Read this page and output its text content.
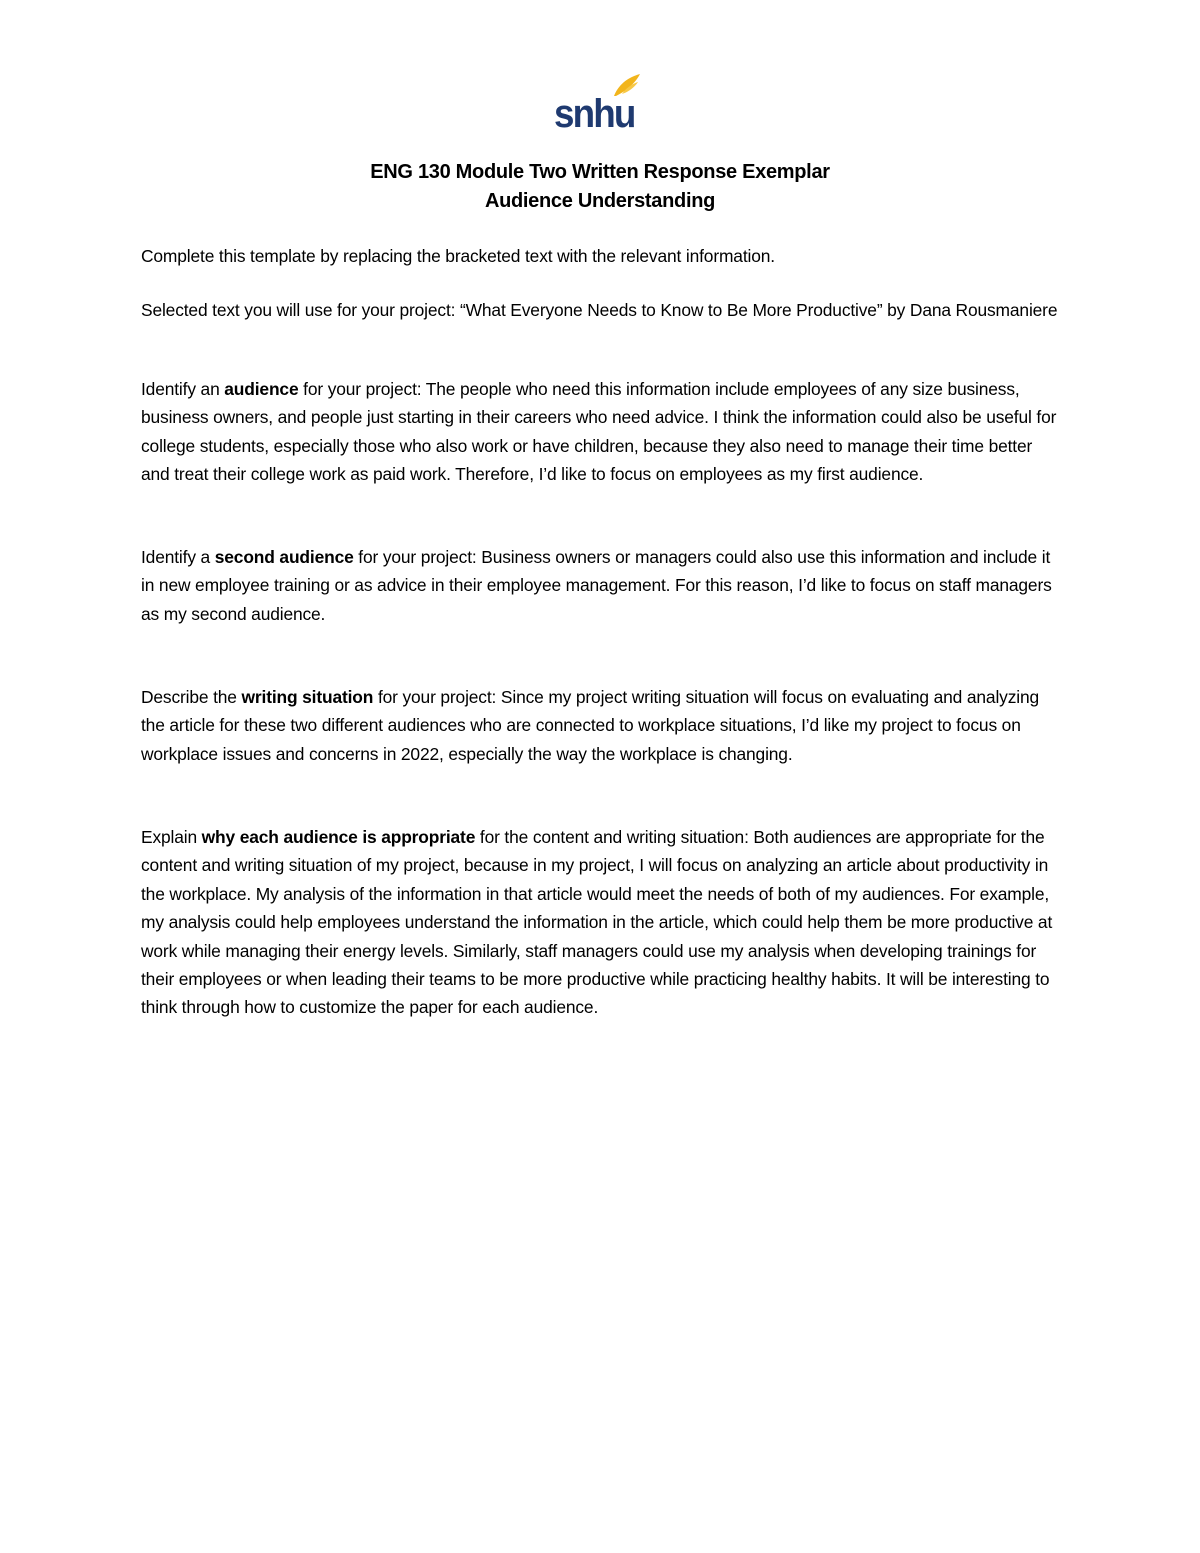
snhu
ENG 130 Module Two Written Response Exemplar
Audience Understanding

Complete this template by replacing the bracketed text with the relevant information.

Selected text you will use for your project: “What Everyone Needs to Know to Be More Productive” by Dana Rousmaniere

Identify an audience for your project: The people who need this information include employees of any size business, business owners, and people just starting in their careers who need advice. I think the information could also be useful for college students, especially those who also work or have children, because they also need to manage their time better and treat their college work as paid work. Therefore, I’d like to focus on employees as my first audience.

Identify a second audience for your project: Business owners or managers could also use this information and include it in new employee training or as advice in their employee management. For this reason, I’d like to focus on staff managers as my second audience.

Describe the writing situation for your project: Since my project writing situation will focus on evaluating and analyzing the article for these two different audiences who are connected to workplace situations, I’d like my project to focus on workplace issues and concerns in 2022, especially the way the workplace is changing.

Explain why each audience is appropriate for the content and writing situation: Both audiences are appropriate for the content and writing situation of my project, because in my project, I will focus on analyzing an article about productivity in the workplace. My analysis of the information in that article would meet the needs of both of my audiences. For example, my analysis could help employees understand the information in the article, which could help them be more productive at work while managing their energy levels. Similarly, staff managers could use my analysis when developing trainings for their employees or when leading their teams to be more productive while practicing healthy habits. It will be interesting to think through how to customize the paper for each audience.
